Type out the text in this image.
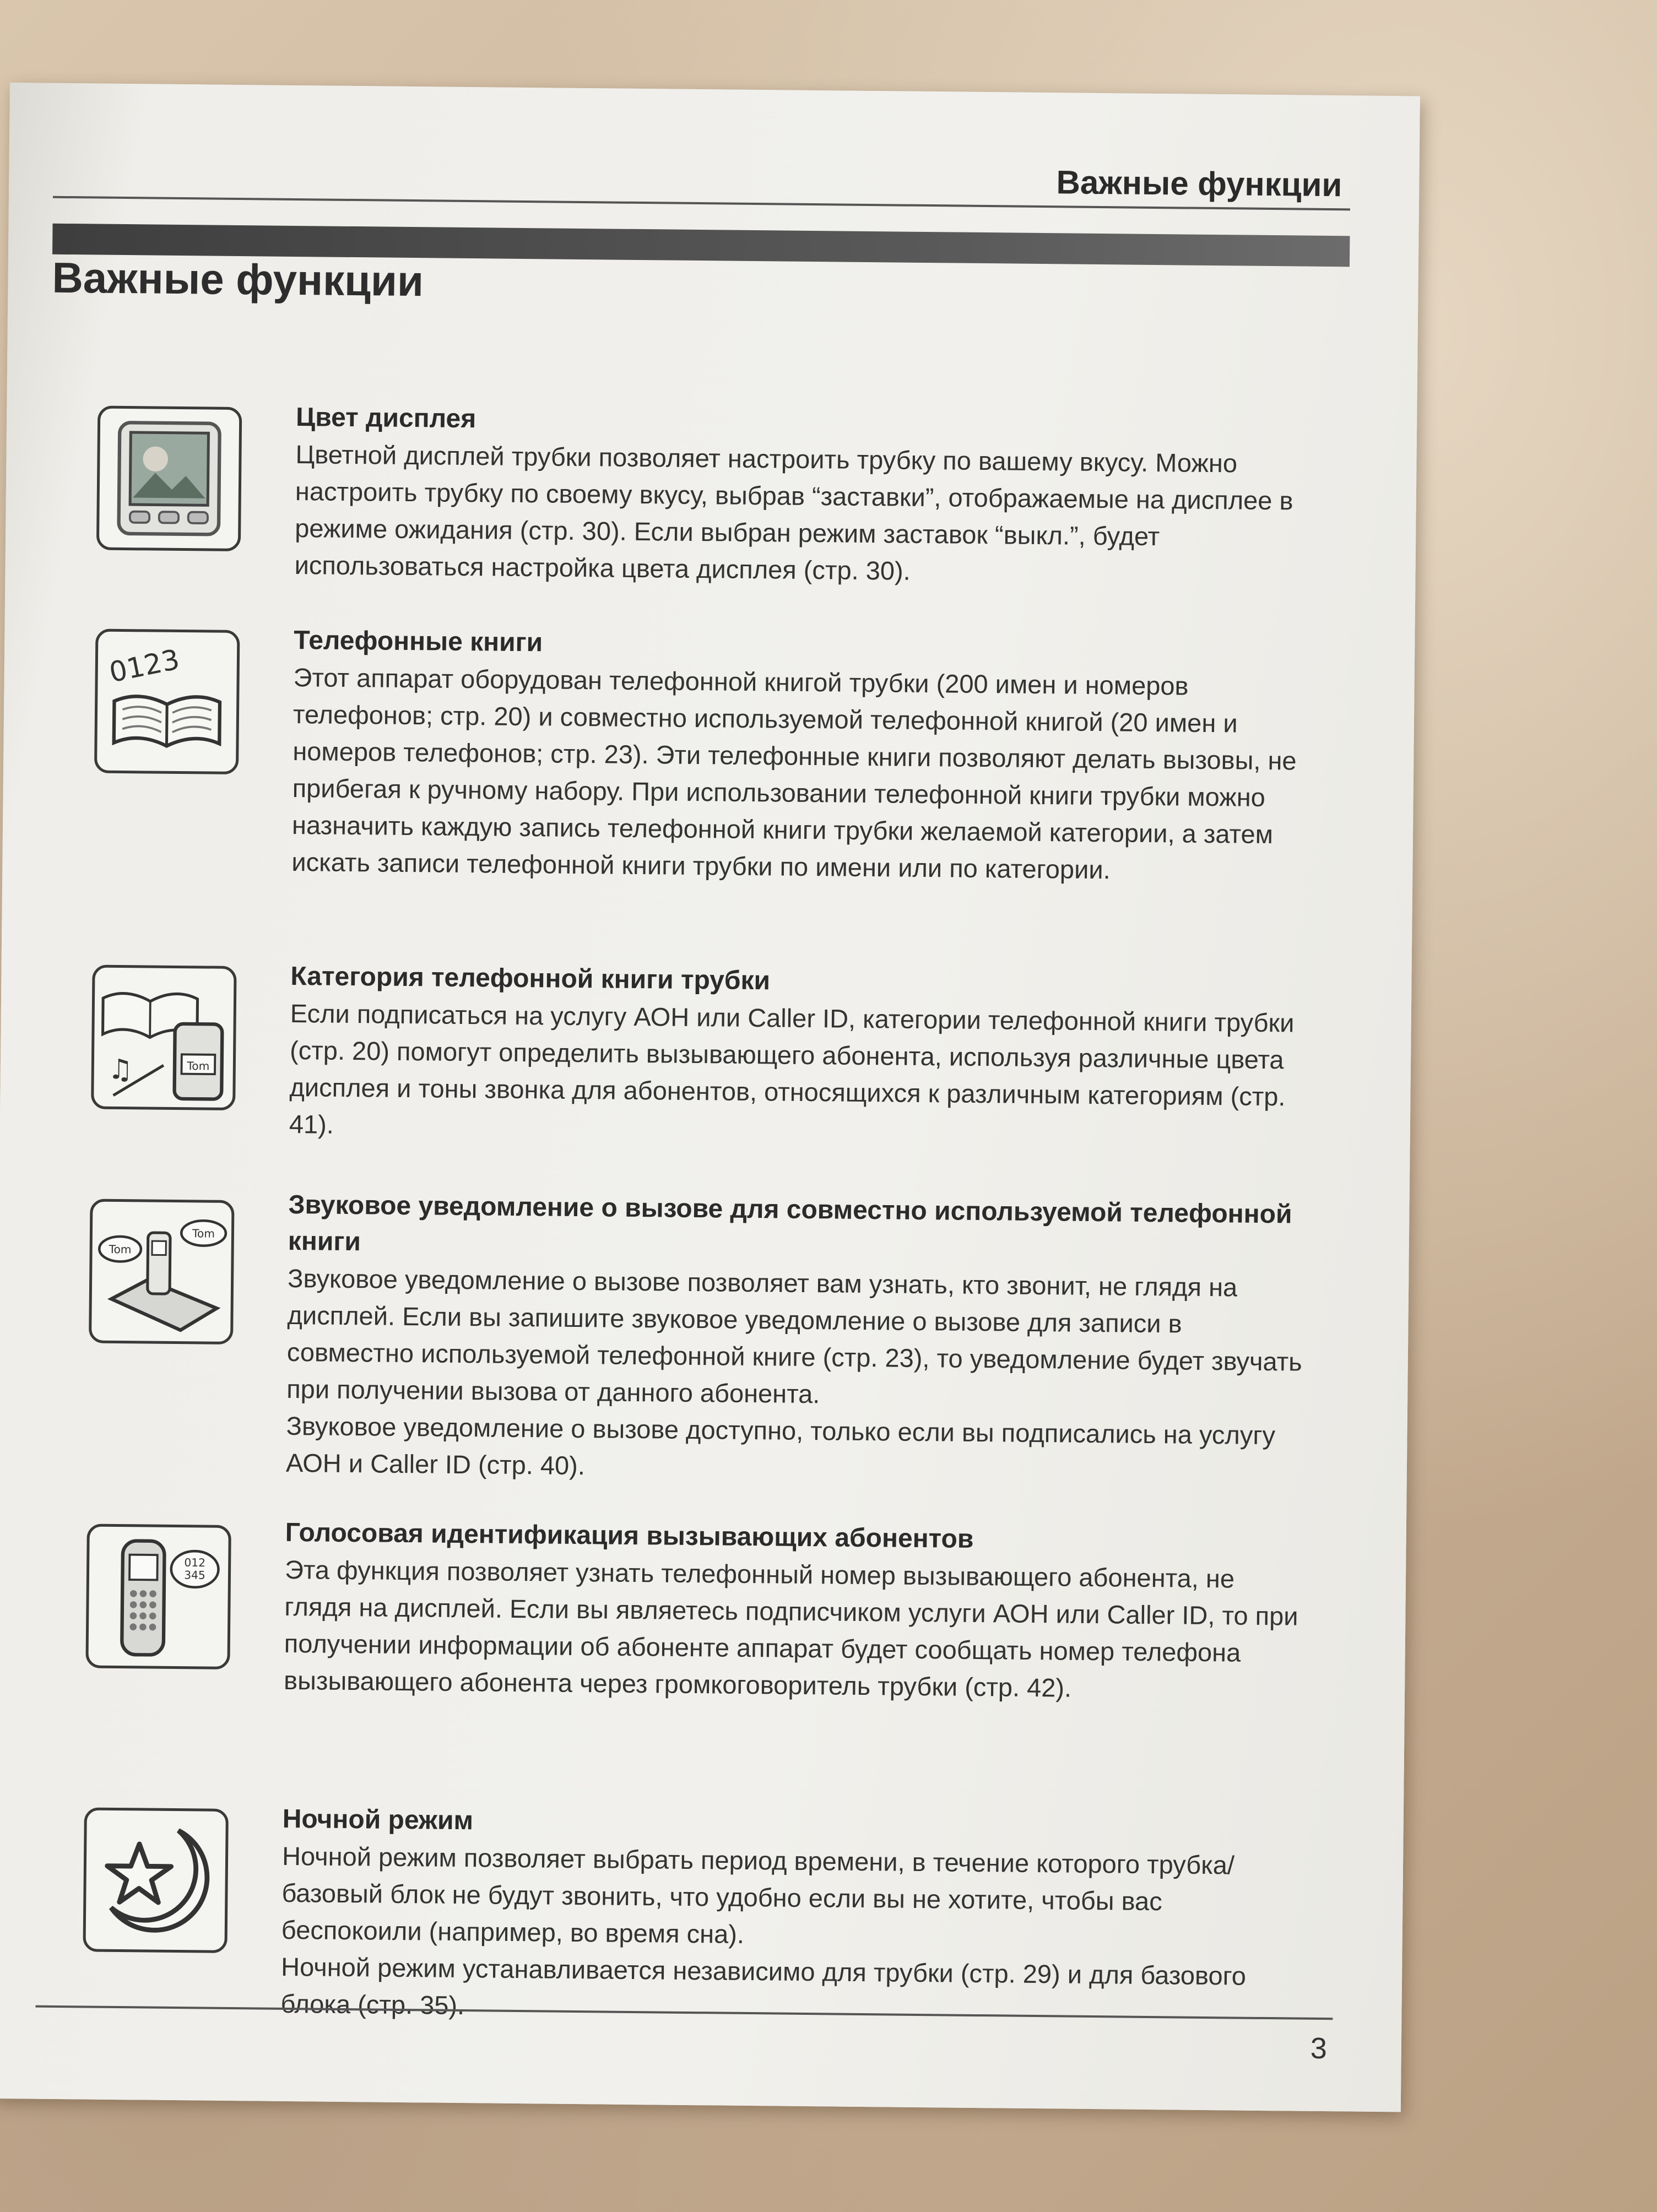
Важные функции
Важные функции

Цвет дисплея

Цветной дисплей трубки позволяет настроить трубку по вашему вкусу. Можно настроить трубку по своему вкусу, выбрав “заставки”, отображаемые на дисплее в режиме ожидания (стр. 30). Если выбран режим заставок “выкл.”, будет использоваться настройка цвета дисплея (стр. 30).

0123

Телефонные книги

Этот аппарат оборудован телефонной книгой трубки (200 имен и номеров телефонов; стр. 20) и совместно используемой телефонной книгой (20 имен и номеров телефонов; стр. 23). Эти телефонные книги позволяют делать вызовы, не прибегая к ручному набору. При использовании телефонной книги трубки можно назначить каждую запись телефонной книги трубки желаемой категории, а затем искать записи телефонной книги трубки по имени или по категории.

Tom
♫

Категория телефонной книги трубки

Если подписаться на услугу АОН или Caller ID, категории телефонной книги трубки (стр. 20) помогут определить вызывающего абонента, используя различные цвета дисплея и тоны звонка для абонентов, относящихся к различным категориям (стр. 41).

Tom
Tom

Звуковое уведомление о вызове для совместно используемой телефонной книги

Звуковое уведомление о вызове позволяет вам узнать, кто звонит, не глядя на дисплей. Если вы запишите звуковое уведомление о вызове для записи в совместно используемой телефонной книге (стр. 23), то уведомление будет звучать при получении вызова от данного абонента.

Звуковое уведомление о вызове доступно, только если вы подписались на услугу АОН и Caller ID (стр. 40).

012
345

Голосовая идентификация вызывающих абонентов

Эта функция позволяет узнать телефонный номер вызывающего абонента, не глядя на дисплей. Если вы являетесь подписчиком услуги АОН или Caller ID, то при получении информации об абоненте аппарат будет сообщать номер телефона вызывающего абонента через громкоговоритель трубки (стр. 42).

Ночной режим

Ночной режим позволяет выбрать период времени, в течение которого трубка/базовый блок не будут звонить, что удобно если вы не хотите, чтобы вас беспокоили (например, во время сна).

Ночной режим устанавливается независимо для трубки (стр. 29) и для базового блока (стр. 35).

3
